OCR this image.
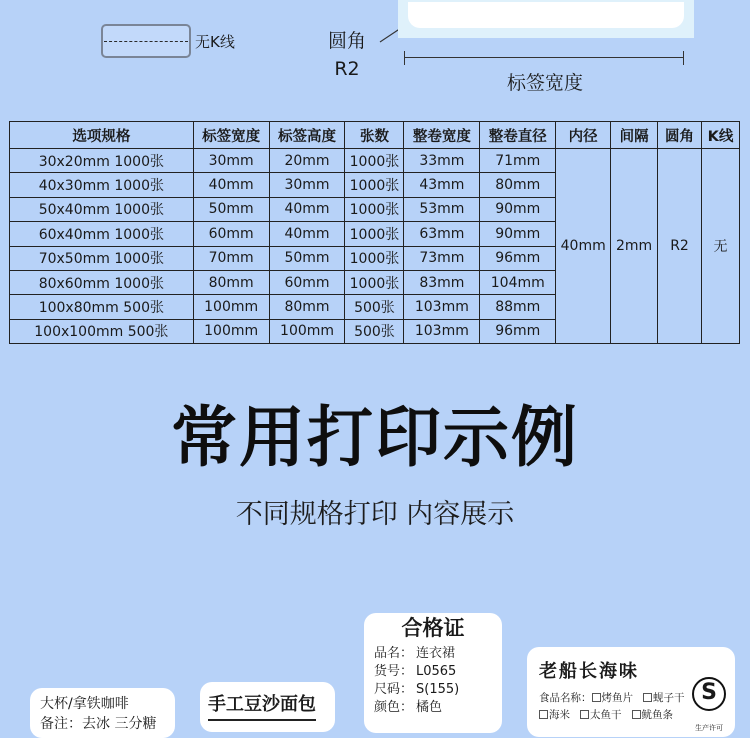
无K线	圆角
R2
标签宽度
选项规格	标签宽度	标签高度	张数	整卷宽度	整卷直径	内径	间隔	圆角	K线
30x20mm 1000张	30mm	20mm	1000张	33mm	71mm	40mm	2mm	R2	无
40x30mm 1000张	40mm	30mm	1000张	43mm	80mm				
50x40mm 1000张	50mm	40mm	1000张	53mm	90mm				
60x40mm 1000张	60mm	40mm	1000张	63mm	90mm				
70x50mm 1000张	70mm	50mm	1000张	73mm	96mm				
80x60mm 1000张	80mm	60mm	1000张	83mm	104mm				
100x80mm 500张	100mm	80mm	500张	103mm	88mm				
100x100mm 500张	100mm	100mm	500张	103mm	96mm				
常用打印示例
不同规格打印 内容展示
大杯/拿铁咖啡
备注：去冰 三分糖
手工豆沙面包
合格证
品名： 连衣裙
货号： L0565
尺码： S(155)
颜色： 橘色
老船长海味
食品名称： 烤鱼片 蚬子干
海米 太鱼干 鱿鱼条
S
生产许可
